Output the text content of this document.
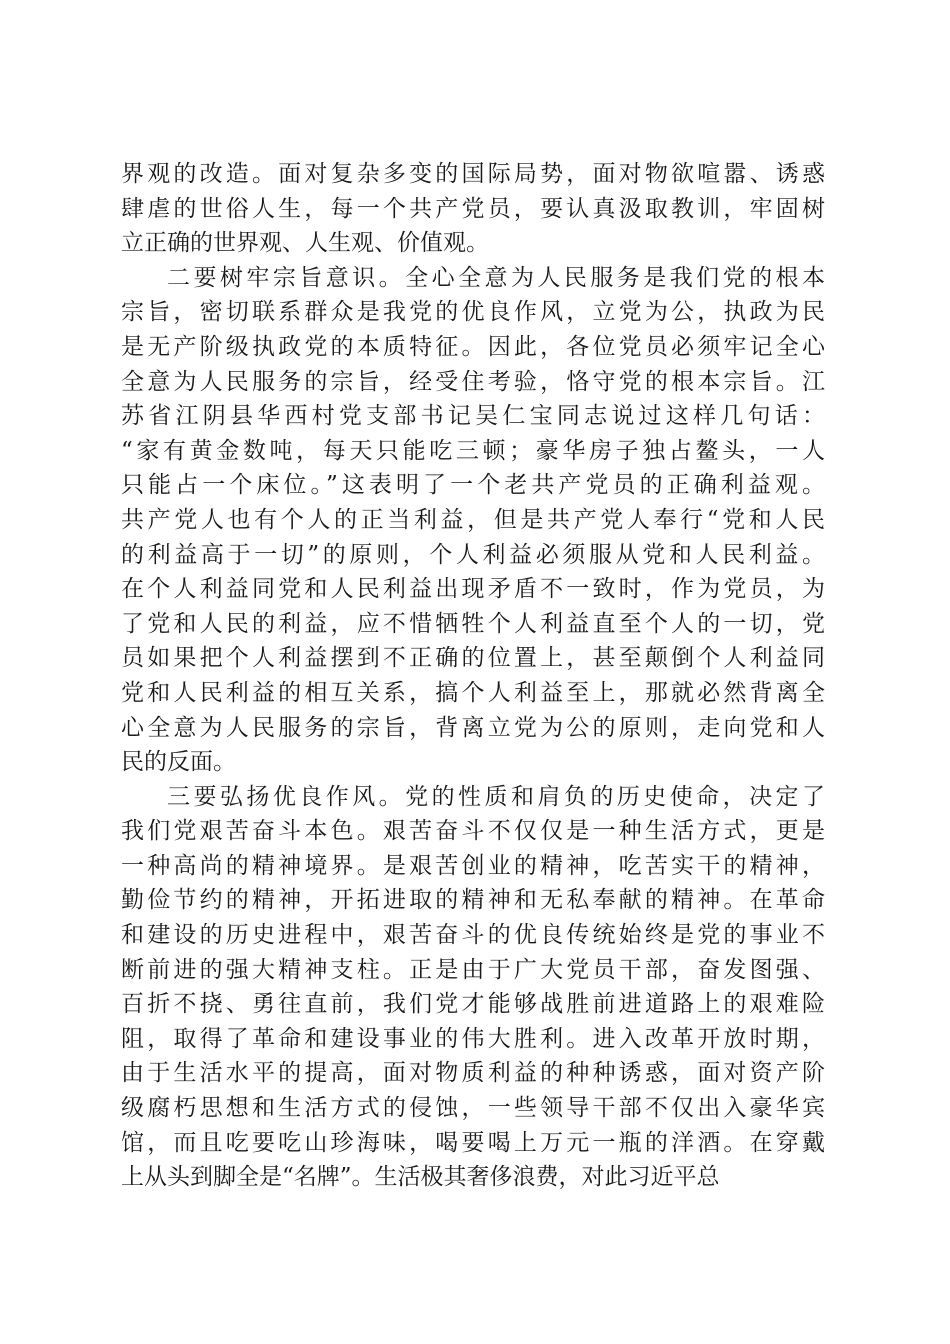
界观的改造。面对复杂多变的国际局势，面对物欲喧嚣、诱惑
肆虐的世俗人生，每一个共产党员，要认真汲取教训，牢固树
立正确的世界观、人生观、价值观。
二要树牢宗旨意识。全心全意为人民服务是我们党的根本
宗旨，密切联系群众是我党的优良作风，立党为公，执政为民
是无产阶级执政党的本质特征。因此，各位党员必须牢记全心
全意为人民服务的宗旨，经受住考验，恪守党的根本宗旨。江
苏省江阴县华西村党支部书记吴仁宝同志说过这样几句话：
“家有黄金数吨，每天只能吃三顿；豪华房子独占鳌头，一人
只能占一个床位。”这表明了一个老共产党员的正确利益观。
共产党人也有个人的正当利益，但是共产党人奉行“党和人民
的利益高于一切”的原则，个人利益必须服从党和人民利益。
在个人利益同党和人民利益出现矛盾不一致时，作为党员，为
了党和人民的利益，应不惜牺牲个人利益直至个人的一切，党
员如果把个人利益摆到不正确的位置上，甚至颠倒个人利益同
党和人民利益的相互关系，搞个人利益至上，那就必然背离全
心全意为人民服务的宗旨，背离立党为公的原则，走向党和人
民的反面。
三要弘扬优良作风。党的性质和肩负的历史使命，决定了
我们党艰苦奋斗本色。艰苦奋斗不仅仅是一种生活方式，更是
一种高尚的精神境界。是艰苦创业的精神，吃苦实干的精神，
勤俭节约的精神，开拓进取的精神和无私奉献的精神。在革命
和建设的历史进程中，艰苦奋斗的优良传统始终是党的事业不
断前进的强大精神支柱。正是由于广大党员干部，奋发图强、
百折不挠、勇往直前，我们党才能够战胜前进道路上的艰难险
阻，取得了革命和建设事业的伟大胜利。进入改革开放时期，
由于生活水平的提高，面对物质利益的种种诱惑，面对资产阶
级腐朽思想和生活方式的侵蚀，一些领导干部不仅出入豪华宾
馆，而且吃要吃山珍海味，喝要喝上万元一瓶的洋酒。在穿戴
上从头到脚全是“名牌”。生活极其奢侈浪费，对此习近平总
